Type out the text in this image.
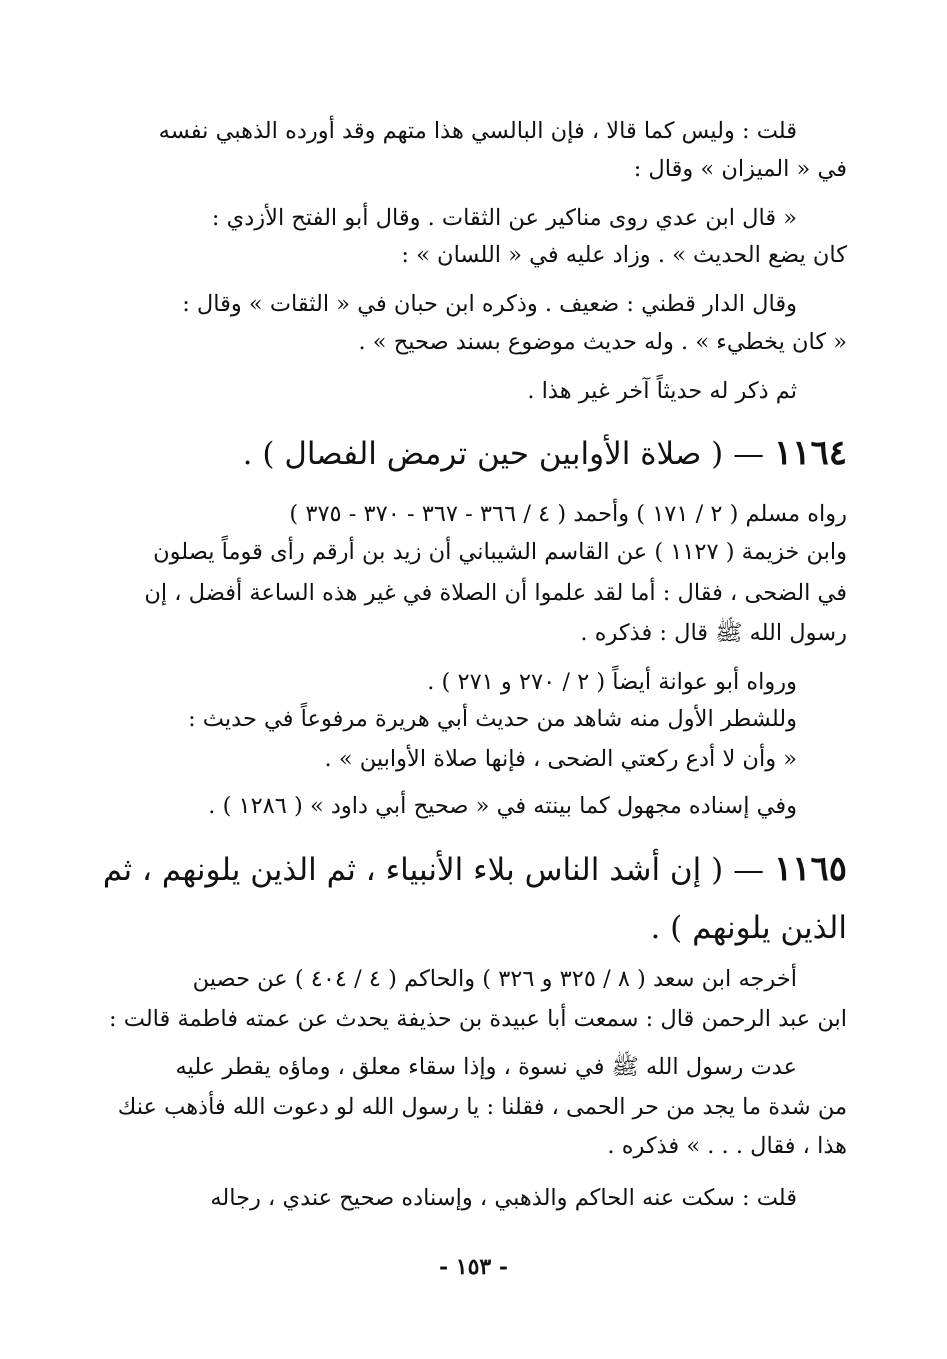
قلت : وليس كما قالا ، فإن البالسي هذا متهم وقد أورده الذهبي نفسه
في « الميزان » وقال :
« قال ابن عدي روى مناكير عن الثقات . وقال أبو الفتح الأزدي :
كان يضع الحديث » . وزاد عليه في « اللسان » :
وقال الدار قطني : ضعيف . وذكره ابن حبان في « الثقات » وقال :
« كان يخطيء » . وله حديث موضوع بسند صحيح » .
ثم ذكر له حديثاً آخر غير هذا .
١١٦٤ — ( صلاة الأوابين حين ترمض الفصال ) .
رواه مسلم ( ٢ / ١٧١ ) وأحمد ( ٤ / ٣٦٦ - ٣٦٧ - ٣٧٠ - ٣٧٥ )
وابن خزيمة ( ١١٢٧ ) عن القاسم الشيباني أن زيد بن أرقم رأى قوماً يصلون
في الضحى ، فقال : أما لقد علموا أن الصلاة في غير هذه الساعة أفضل ، إن
رسول الله ﷺ قال : فذكره .
ورواه أبو عوانة أيضاً ( ٢ / ٢٧٠ و ٢٧١ ) .
وللشطر الأول منه شاهد من حديث أبي هريرة مرفوعاً في حديث :
« وأن لا أدع ركعتي الضحى ، فإنها صلاة الأوابين » .
وفي إسناده مجهول كما بينته في « صحيح أبي داود » ( ١٢٨٦ ) .
١١٦٥ — ( إن أشد الناس بلاء الأنبياء ، ثم الذين يلونهم ، ثم
الذين يلونهم ) .
أخرجه ابن سعد ( ٨ / ٣٢٥ و ٣٢٦ ) والحاكم ( ٤ / ٤٠٤ ) عن حصين
ابن عبد الرحمن قال : سمعت أبا عبيدة بن حذيفة يحدث عن عمته فاطمة قالت :
عدت رسول الله ﷺ في نسوة ، وإذا سقاء معلق ، وماؤه يقطر عليه
من شدة ما يجد من حر الحمى ، فقلنا : يا رسول الله لو دعوت الله فأذهب عنك
هذا ، فقال . . . » فذكره .
قلت : سكت عنه الحاكم والذهبي ، وإسناده صحيح عندي ، رجاله
- ١٥٣ -
